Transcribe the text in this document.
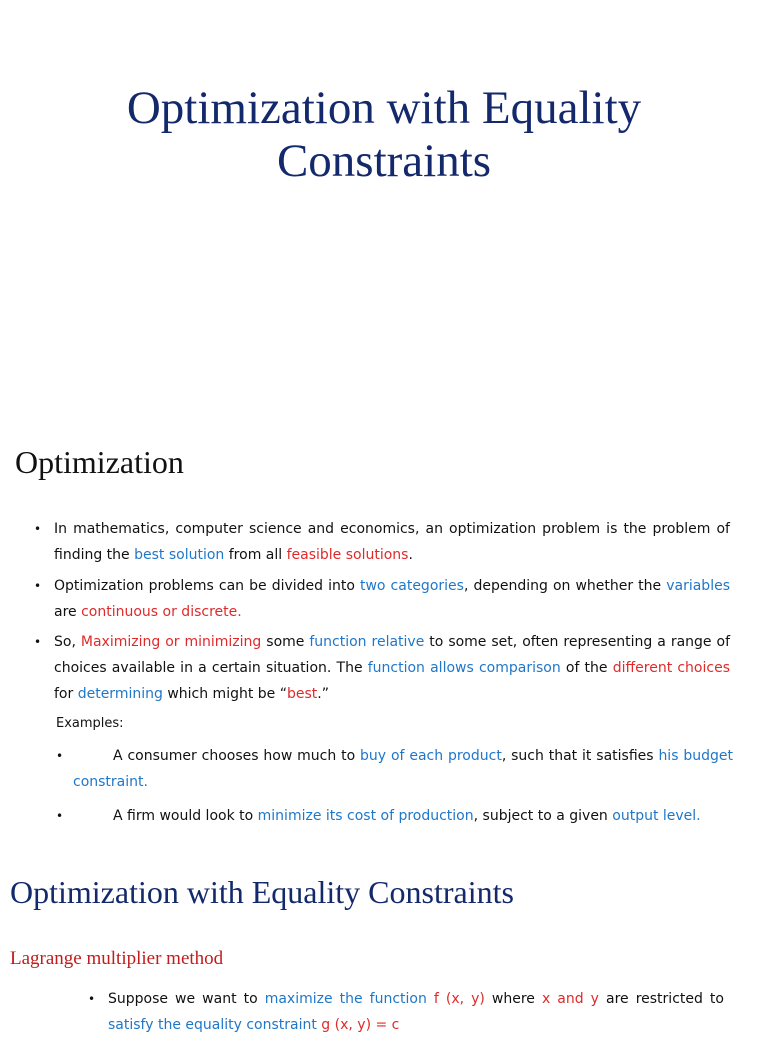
Optimization with Equality
Constraints
Optimization
• In mathematics, computer science and economics, an optimization problem is the problem of finding the best solution from all feasible solutions.
• Optimization problems can be divided into two categories, depending on whether the variables are continuous or discrete.
• So, Maximizing or minimizing some function relative to some set, often representing a range of choices available in a certain situation. The function allows comparison of the different choices for determining which might be “best.”
Examples:
•	A consumer chooses how much to buy of each product, such that it satisfies his budget constraint.
•	A firm would look to minimize its cost of production, subject to a given output level.
Optimization with Equality Constraints
Lagrange multiplier method
• Suppose we want to maximize the function f (x, y) where x and y are restricted to satisfy the equality constraint g (x, y) = c
